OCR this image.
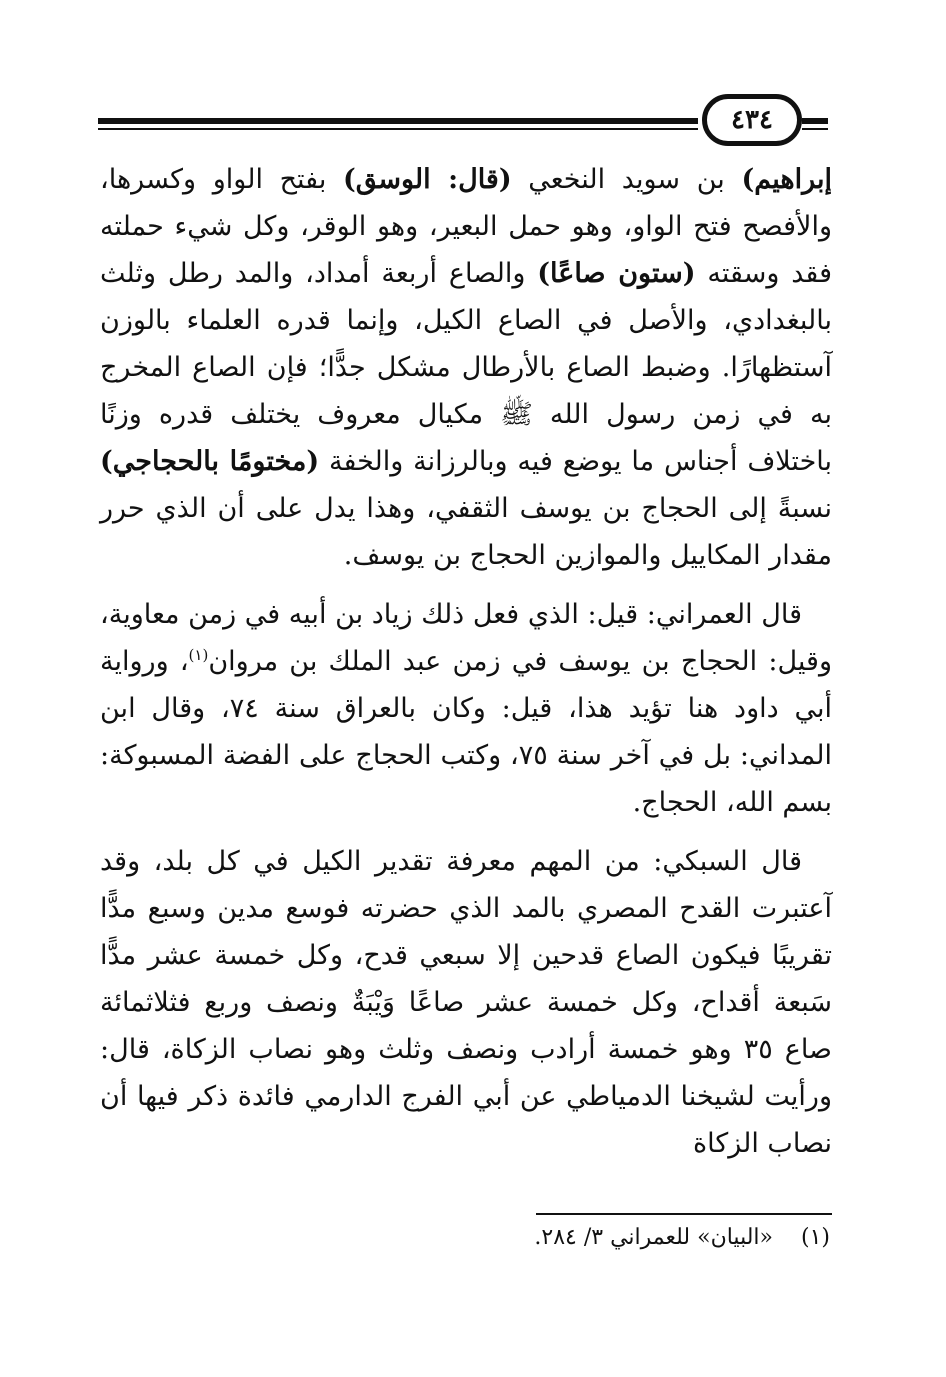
٤٣٤

إبراهيم) بن سويد النخعي (قال: الوسق) بفتح الواو وكسرها، والأفصح فتح الواو، وهو حمل البعير، وهو الوقر، وكل شيء حملته فقد وسقته (ستون صاعًا) والصاع أربعة أمداد، والمد رطل وثلث بالبغدادي، والأصل في الصاع الكيل، وإنما قدره العلماء بالوزن آستظهارًا. وضبط الصاع بالأرطال مشكل جدًّا؛ فإن الصاع المخرج به في زمن رسول الله ﷺ مكيال معروف يختلف قدره وزنًا باختلاف أجناس ما يوضع فيه وبالرزانة والخفة (مختومًا بالحجاجي) نسبةً إلى الحجاج بن يوسف الثقفي، وهذا يدل على أن الذي حرر مقدار المكاييل والموازين الحجاج بن يوسف.

قال العمراني: قيل: الذي فعل ذلك زياد بن أبيه في زمن معاوية، وقيل: الحجاج بن يوسف في زمن عبد الملك بن مروان$^{(١)}$، ورواية أبي داود هنا تؤيد هذا، قيل: وكان بالعراق سنة ٧٤، وقال ابن المداني: بل في آخر سنة ٧٥، وكتب الحجاج على الفضة المسبوكة: بسم الله، الحجاج.

قال السبكي: من المهم معرفة تقدير الكيل في كل بلد، وقد آعتبرت القدح المصري بالمد الذي حضرته فوسع مدين وسبع مدًّا تقريبًا فيكون الصاع قدحين إلا سبعي قدح، وكل خمسة عشر مدًّا سَبعة أقداح، وكل خمسة عشر صاعًا وَيْبَةٌ ونصف وربع فثلاثمائة صاع ٣٥ وهو خمسة أرادب ونصف وثلث وهو نصاب الزكاة، قال: ورأيت لشيخنا الدمياطي عن أبي الفرج الدارمي فائدة ذكر فيها أن نصاب الزكاة

(١)    «البيان» للعمراني ٣/ ٢٨٤.
